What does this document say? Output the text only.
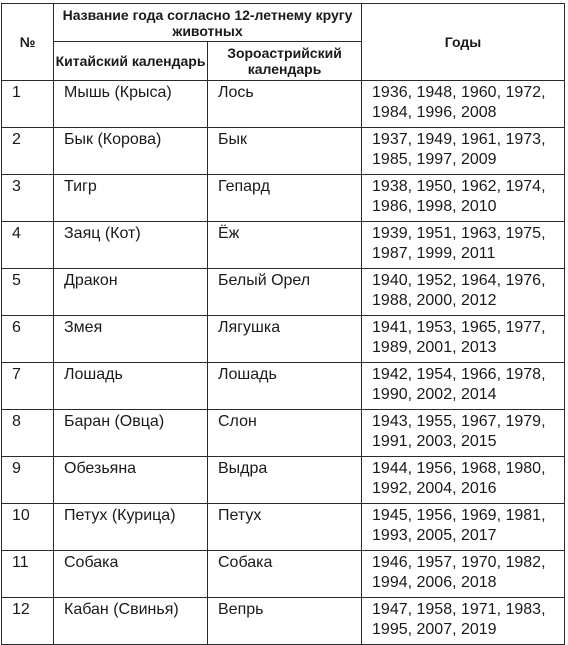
№	Название года согласно 12-летнему кругу животных		Годы
	Китайский календарь	Зороастрийский календарь	
1	Мышь (Крыса)	Лось	1936, 1948, 1960, 1972,
1984, 1996, 2008

2	Бык (Корова)	Бык	1937, 1949, 1961, 1973,
1985, 1997, 2009

3	Тигр	Гепард	1938, 1950, 1962, 1974,
1986, 1998, 2010

4	Заяц (Кот)	Ёж	1939, 1951, 1963, 1975,
1987, 1999, 2011

5	Дракон	Белый Орел	1940, 1952, 1964, 1976,
1988, 2000, 2012

6	Змея	Лягушка	1941, 1953, 1965, 1977,
1989, 2001, 2013

7	Лошадь	Лошадь	1942, 1954, 1966, 1978,
1990, 2002, 2014

8	Баран (Овца)	Слон	1943, 1955, 1967, 1979,
1991, 2003, 2015

9	Обезьяна	Выдра	1944, 1956, 1968, 1980,
1992, 2004, 2016

10	Петух (Курица)	Петух	1945, 1956, 1969, 1981,
1993, 2005, 2017

11	Собака	Собака	1946, 1957, 1970, 1982,
1994, 2006, 2018

12	Кабан (Свинья)	Вепрь	1947, 1958, 1971, 1983,
1995, 2007, 2019
